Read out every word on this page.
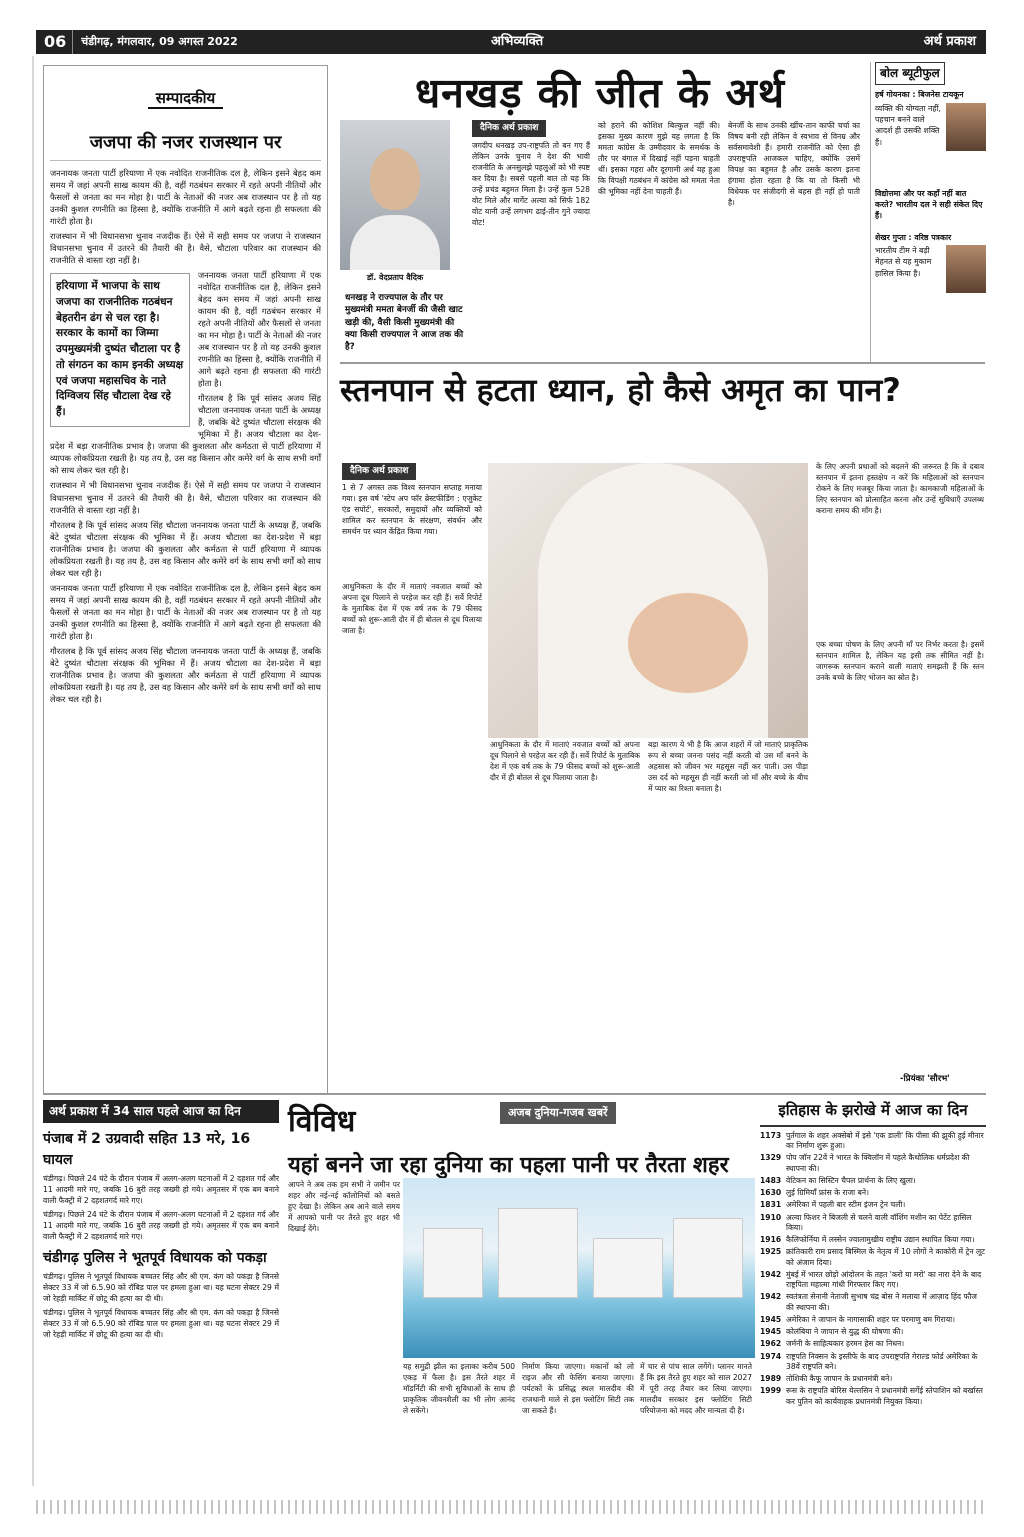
06	चंडीगढ़, मंगलवार, 09 अगस्त 2022	अभिव्यक्ति	अर्थ प्रकाश
सम्पादकीय
जजपा की नजर राजस्थान पर

जननायक जनता पार्टी हरियाणा में एक नवोदित राजनीतिक दल है, लेकिन इसने बेहद कम समय में जहां अपनी साख कायम की है, वहीं गठबंधन सरकार में रहते अपनी नीतियों और फैसलों से जनता का मन मोहा है। पार्टी के नेताओं की नजर अब राजस्थान पर है तो यह उनकी कुशल रणनीति का हिस्सा है, क्योंकि राजनीति में आगे बढ़ते रहना ही सफलता की गारंटी होता है।

राजस्थान में भी विधानसभा चुनाव नजदीक हैं। ऐसे में सही समय पर जजपा ने राजस्थान विधानसभा चुनाव में उतरने की तैयारी की है। वैसे, चौटाला परिवार का राजस्थान की राजनीति से वास्ता रहा नहीं है।

हरियाणा में भाजपा के साथ जजपा का राजनीतिक गठबंधन बेहतरीन ढंग से चल रहा है। सरकार के कामों का जिम्मा उपमुख्यमंत्री दुष्यंत चौटाला पर है तो संगठन का काम इनकी अध्यक्ष एवं जजपा महासचिव के नाते दिग्विजय सिंह चौटाला देख रहे हैं।

जननायक जनता पार्टी हरियाणा में एक नवोदित राजनीतिक दल है, लेकिन इसने बेहद कम समय में जहां अपनी साख कायम की है, वहीं गठबंधन सरकार में रहते अपनी नीतियों और फैसलों से जनता का मन मोहा है। पार्टी के नेताओं की नजर अब राजस्थान पर है तो यह उनकी कुशल रणनीति का हिस्सा है, क्योंकि राजनीति में आगे बढ़ते रहना ही सफलता की गारंटी होता है।

गौरतलब है कि पूर्व सांसद अजय सिंह चौटाला जननायक जनता पार्टी के अध्यक्ष हैं, जबकि बेटे दुष्यंत चौटाला संरक्षक की भूमिका में हैं। अजय चौटाला का देश-प्रदेश में बड़ा राजनीतिक प्रभाव है। जजपा की कुशलता और कर्मठता से पार्टी हरियाणा में व्यापक लोकप्रियता रखती है। यह तय है, उस वह किसान और कमेरे वर्ग के साथ सभी वर्गों को साथ लेकर चल रही है।

राजस्थान में भी विधानसभा चुनाव नजदीक हैं। ऐसे में सही समय पर जजपा ने राजस्थान विधानसभा चुनाव में उतरने की तैयारी की है। वैसे, चौटाला परिवार का राजस्थान की राजनीति से वास्ता रहा नहीं है।

गौरतलब है कि पूर्व सांसद अजय सिंह चौटाला जननायक जनता पार्टी के अध्यक्ष हैं, जबकि बेटे दुष्यंत चौटाला संरक्षक की भूमिका में हैं। अजय चौटाला का देश-प्रदेश में बड़ा राजनीतिक प्रभाव है। जजपा की कुशलता और कर्मठता से पार्टी हरियाणा में व्यापक लोकप्रियता रखती है। यह तय है, उस वह किसान और कमेरे वर्ग के साथ सभी वर्गों को साथ लेकर चल रही है।

जननायक जनता पार्टी हरियाणा में एक नवोदित राजनीतिक दल है, लेकिन इसने बेहद कम समय में जहां अपनी साख कायम की है, वहीं गठबंधन सरकार में रहते अपनी नीतियों और फैसलों से जनता का मन मोहा है। पार्टी के नेताओं की नजर अब राजस्थान पर है तो यह उनकी कुशल रणनीति का हिस्सा है, क्योंकि राजनीति में आगे बढ़ते रहना ही सफलता की गारंटी होता है।

गौरतलब है कि पूर्व सांसद अजय सिंह चौटाला जननायक जनता पार्टी के अध्यक्ष हैं, जबकि बेटे दुष्यंत चौटाला संरक्षक की भूमिका में हैं। अजय चौटाला का देश-प्रदेश में बड़ा राजनीतिक प्रभाव है। जजपा की कुशलता और कर्मठता से पार्टी हरियाणा में व्यापक लोकप्रियता रखती है। यह तय है, उस वह किसान और कमेरे वर्ग के साथ सभी वर्गों को साथ लेकर चल रही है।

धनखड़ की जीत के अर्थ
डॉ. वेदप्रताप वैदिक
धनखड़ ने राज्यपाल के तौर पर मुख्यमंत्री ममता बेनर्जी की जैसी खाट खड़ी की, वैसी किसी मुख्यमंत्री की क्या किसी राज्यपाल ने आज तक की है?
दैनिक अर्थ प्रकाश
जगदीप धनखड़ उप-राष्ट्रपति तो बन गए हैं लेकिन उनके चुनाव ने देश की भावी राजनीति के अनसुलझे पहलुओं को भी स्पष्ट कर दिया है। सबसे पहली बात तो यह कि उन्हें प्रचंड बहुमत मिला है। उन्हें कुल 528 वोट मिले और मार्गेट अल्वा को सिर्फ 182 वोट यानी उन्हें लगभग ढाई-तीन गुने ज्यादा वोट!
को हराने की कोशिश बिल्कुल नहीं की। इसका मुख्य कारण मुझे यह लगता है कि ममता कांग्रेस के उम्मीदवार के समर्थक के तौर पर बंगाल में दिखाई नहीं पड़ना चाहती थीं। इसका गहरा और दूरगामी अर्थ यह हुआ कि विपक्षी गठबंधन में कांग्रेस को ममता नेता की भूमिका नहीं देना चाहती हैं।
बेनर्जी के साथ उनकी खींच-तान काफी चर्चा का विषय बनी रही लेकिन वे स्वभाव से विनम्र और सर्वसमावेशी हैं। हमारी राजनीति को ऐसा ही उपराष्ट्रपति आजकल चाहिए, क्योंकि उसमें विपक्ष का बहुमत है और उसके कारण इतना हंगामा होता रहता है कि या तो किसी भी विधेयक पर संजीदगी से बहस ही नहीं हो पाती है।
बोल ब्यूटीफुल
हर्ष गोयनका : बिजनेस टायकून
व्यक्ति की योग्यता नहीं, पहचान बनने वाले आदर्श ही उसकी शक्ति हैं।
विद्योत्तमा और पर कहाँ नहीं बात करते? भारतीय दल ने सही संकेत दिए हैं।
शेखर गुप्ता : वरिष्ठ पत्रकार
भारतीय टीम ने बड़ी मेहनत से यह मुकाम हासिल किया है।
स्तनपान से हटता ध्यान, हो कैसे अमृत का पान?
दैनिक अर्थ प्रकाश
1 से 7 अगस्त तक विश्व स्तनपान सप्ताह मनाया गया। इस वर्ष 'स्टेप अप फॉर ब्रेस्टफीडिंग : एजुकेट एंड सपोर्ट', सरकारों, समुदायों और व्यक्तियों को शामिल कर स्तनपान के संरक्षण, संवर्धन और समर्थन पर ध्यान केंद्रित किया गया।
के लिए अपनी प्रथाओं को बदलने की जरूरत है कि वे दबाव स्तनपान में इतना हस्तक्षेप न करें कि महिलाओं को स्तनपान रोकने के लिए मजबूर किया जाता है। कामकाजी महिलाओं के लिए स्तनपान को प्रोत्साहित करना और उन्हें सुविधाएँ उपलब्ध कराना समय की माँग है।
आधुनिकता के दौर में माताएं नवजात बच्चों को अपना दूध पिलाने से परहेज कर रही हैं। सर्वे रिपोर्ट के मुताबिक देश में एक वर्ष तक के 79 फीसद बच्चों को शुरू-आती दौर में ही बोतल से दूध पिलाया जाता है।
आधुनिकता के दौर में माताएं नवजात बच्चों को अपना दूध पिलाने से परहेज कर रही हैं। सर्वे रिपोर्ट के मुताबिक देश में एक वर्ष तक के 79 फीसद बच्चों को शुरू-आती दौर में ही बोतल से दूध पिलाया जाता है।
बड़ा कारण ये भी है कि आज शहरों में जो माताएं प्राकृतिक रूप से बच्चा जनना पसंद नहीं करती वो उस माँ बनने के अहसास को जीवन भर महसूस नहीं कर पाती। उस पीड़ा उस दर्द को महसूस ही नहीं करती जो माँ और बच्चे के बीच में प्यार का रिश्ता बनाता है।
एक बच्चा पोषण के लिए अपनी माँ पर निर्भर करता है। इसमें स्तनपान शामिल है, लेकिन यह इसी तक सीमित नहीं है। जागरूक स्तनपान कराने वाली माताएं समझती हैं कि स्तन उनके बच्चे के लिए भोजन का स्रोत है।
-प्रियंका 'सौरभ'
अर्थ प्रकाश में 34 साल पहले आज का दिन
पंजाब में 2 उग्रवादी सहित 13 मरे, 16 घायल

चंडीगढ़। पिछले 24 घंटे के दौरान पंजाब में अलग-अलग घटनाओं में 2 दहशत गर्द और 11 आदमी मारे गए, जबकि 16 बुरी तरह जख्मी हो गये। अमृतसर में एक बम बनाने वाली फैक्ट्री में 2 दहशतगर्द मारे गए।

चंडीगढ़। पिछले 24 घंटे के दौरान पंजाब में अलग-अलग घटनाओं में 2 दहशत गर्द और 11 आदमी मारे गए, जबकि 16 बुरी तरह जख्मी हो गये। अमृतसर में एक बम बनाने वाली फैक्ट्री में 2 दहशतगर्द मारे गए।

चंडीगढ़ पुलिस ने भूतपूर्व विधायक को पकड़ा

चंडीगढ़। पुलिस ने भूतपूर्व विधायक बच्चतर सिंह और श्री एम. कंग को पकड़ा है जिनसे सेक्टर 33 में जो 6.5.90 को रॉबिड पाल पर हमला हुआ था। यह घटना सेक्टर 29 में जो रेहड़ी मार्किट में छोटू की हत्या का दी थी।

चंडीगढ़। पुलिस ने भूतपूर्व विधायक बच्चतर सिंह और श्री एम. कंग को पकड़ा है जिनसे सेक्टर 33 में जो 6.5.90 को रॉबिड पाल पर हमला हुआ था। यह घटना सेक्टर 29 में जो रेहड़ी मार्किट में छोटू की हत्या का दी थी।

विविध	अजब दुनिया-गजब खबरें
यहां बनने जा रहा दुनिया का पहला पानी पर तैरता शहर
आपने ने अब तक हम सभी ने जमीन पर शहर और नई-नई कॉलोनियों को बसते हुए देखा है। लेकिन अब आने वाले समय में आपको पानी पर तैरते हुए शहर भी दिखाई देंगे।
यह समुद्री झील का इलाका करीब 500 एकड़ में फैला है। इस तैरते शहर में मॉडर्निटी की सभी सुविधाओं के साथ ही प्राकृतिक जीवनशैली का भी लोग आनंद ले सकेंगे।
निर्माण किया जाएगा। मकानों को लो राइज और सी फेसिंग बनाया जाएगा। पर्यटकों के प्रसिद्ध स्थल मालदीव की राजधानी माले से इस फ्लोटिंग सिटी तक जा सकते हैं।
में चार से पांच साल लगेंगे। प्लानर मानते हैं कि इस तैरते हुए शहर को साल 2027 में पूरी तरह तैयार कर लिया जाएगा। मालदीव सरकार इस फ्लोटिंग सिटी परियोजना को मदद और मान्यता दी है।
इतिहास के झरोखे में आज का दिन
1173 पुर्तगाल के शहर अक्सेबो में इसे 'एक डाली' कि पीसा की झुकी हुई मीनार का निर्माण शुरू हुआ।
1329 पोप जॉन 22वें ने भारत के क्विलॉन में पहले कैथोलिक धर्मप्रदेश की स्थापना की।
1483 वेटिकन का सिस्टिन चैपल प्रार्थना के लिए खुला।
1630 लुई ग्रिमियाँ फ्रांस के राजा बने।
1831 अमेरिका में पहली बार स्टीम इंजन ट्रेन चली।
1910 अल्वा फिशर ने बिजली से चलने वाली वॉशिंग मशीन का पेटेंट हासिल किया।
1916 कैलिफोर्निया में लस्सेन ज्वालामुखीय राष्ट्रीय उद्यान स्थापित किया गया।
1925 क्रांतिकारी राम प्रसाद बिस्मिल के नेतृत्व में 10 लोगों ने काकोरी में ट्रेन लूट को अंजाम दिया।
1942 मुंबई में भारत छोड़ो आंदोलन के तहत 'करो या मरो' का नारा देने के बाद राष्ट्रपिता महात्मा गांधी गिरफ्तार किए गए।
1942 स्वतंत्रता सेनानी नेताजी सुभाष चंद्र बोस ने मलाया में आज़ाद हिंद फौज की स्थापना की।
1945 अमेरिका ने जापान के नागासाकी शहर पर परमाणु बम गिराया।
1945 कोलंबिया ने जापान से युद्ध की घोषणा की।
1962 जर्मनी के साहित्यकार हरमन हेस का निधन।
1974 राष्ट्रपति निक्सन के इस्तीफे के बाद उपराष्ट्रपति गेराल्ड फोर्ड अमेरिका के 38वें राष्ट्रपति बने।
1989 तोशिकी कैफू जापान के प्रधानमंत्री बने।
1999 रूस के राष्ट्रपति बोरिस येल्तसिन ने प्रधानमंत्री सर्गेई स्तेपाशिन को बर्खास्त कर पुतिन को कार्यवाहक प्रधानमंत्री नियुक्त किया।
